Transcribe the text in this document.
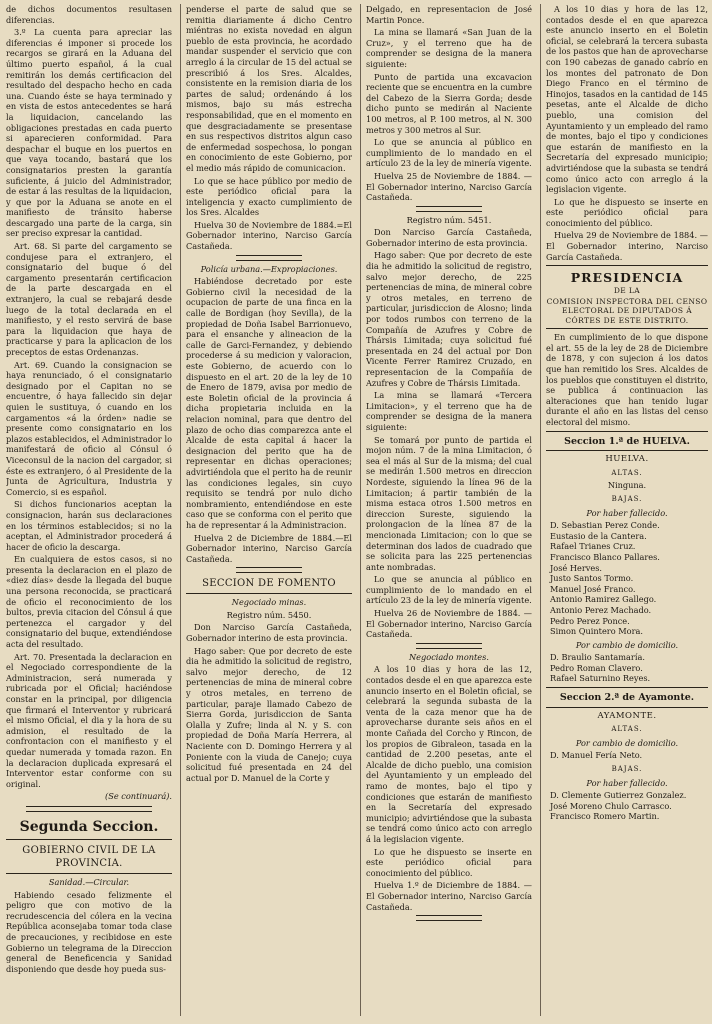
de dichos documentos resultasen diferencias.

3.º La cuenta para apreciar las diferencias é imponer si procede los recargos se girará en la Aduana del último puerto español, á la cual remitirán los demás certificacion del resultado del despacho hecho en cada una. Cuando éste se haya terminado y en vista de estos antecedentes se hará la liquidacion, cancelando las obligaciones prestadas en cada puerto si aparecieren conformidad. Para despachar el buque en los puertos en que vaya tocando, bastará que los consignatarios presten la garantía suficiente, á juicio del Administrador, de estar á las resultas de la liquidacion, y que por la Aduana se anote en el manifiesto de tránsito haberse descargado una parte de la carga, sin ser preciso expresar la cantidad.

Art. 68. Si parte del cargamento se condujese para el extranjero, el consignatario del buque ó del cargamento presentarán certificacion de la parte descargada en el extranjero, la cual se rebajará desde luego de la total declarada en el manifiesto, y el resto servirá de base para la liquidacion que haya de practicarse y para la aplicacion de los preceptos de estas Ordenanzas.

Art. 69. Cuando la consignacion se haya renunciado, ó el consignatario designado por el Capitan no se encuentre, ó haya fallecido sin dejar quien le sustituya, ó cuando en los cargamentos «á la órden» nadie se presente como consignatario en los plazos establecidos, el Administrador lo manifestará de oficio al Cónsul ó Viceconsul de la nacion del cargador, si éste es extranjero, ó al Presidente de la Junta de Agricultura, Industria y Comercio, si es español.

Si dichos funcionarios aceptan la consignacion, harán sus declaraciones en los términos establecidos; si no la aceptan, el Administrador procederá á hacer de oficio la descarga.

En cualquiera de estos casos, si no presenta la declaracion en el plazo de «diez días» desde la llegada del buque una persona reconocida, se practicará de oficio el reconocimiento de los bultos, previa citacion del Cónsul á que pertenezca el cargador y del consignatario del buque, extendiéndose acta del resultado.

Art. 70. Presentada la declaracion en el Negociado correspondiente de la Administracion, será numerada y rubricada por el Oficial; haciéndose constar en la principal, por diligencia que firmará el Interventor y rubricará el mismo Oficial, el dia y la hora de su admision, el resultado de la confrontacion con el manifiesto y el quedar numerada y tomada razon. En la declaracion duplicada expresará el Interventor estar conforme con su original.

(Se continuará).

Segunda Seccion.
GOBIERNO CIVIL DE LA PROVINCIA.

Sanidad.—Circular.

Habiendo cesado felizmente el peligro que con motivo de la recrudescencia del cólera en la vecina República aconsejaba tomar toda clase de precauciones, y recibidose en este Gobierno un telegrama de la Direccion general de Beneficencia y Sanidad disponiendo que desde hoy pueda sus-

penderse el parte de salud que se remitia diariamente á dicho Centro miéntras no exista novedad en algun pueblo de esta provincia, he acordado mandar suspender el servicio que con arreglo á la circular de 15 del actual se prescribió á los Sres. Alcaldes, consistente en la remision diaria de los partes de salud; ordenándo á los mismos, bajo su más estrecha responsabilidad, que en el momento en que desgraciadamente se presentase en sus respectivos distritos algun caso de enfermedad sospechosa, lo pongan en conocimiento de este Gobierno, por el medio más rápido de comunicacion.

Lo que se hace público por medio de este periódico oficial para la inteligencia y exacto cumplimiento de los Sres. Alcaldes

Huelva 30 de Noviembre de 1884.=El Gobernador interino, Narciso García Castañeda.

Policía urbana.—Expropiaciones.

Habiéndose decretado por este Gobierno civil la necesidad de la ocupacion de parte de una finca en la calle de Bordigan (hoy Sevilla), de la propiedad de Doña Isabel Barrionuevo, para el ensanche y alineacion de la calle de Garci-Fernandez, y debiendo procederse á su medicion y valoracion, este Gobierno, de acuerdo con lo dispuesto en el art. 20 de la ley de 10 de Enero de 1879, avisa por medio de este Boletin oficial de la provincia á dicha propietaria incluida en la relacion nominal, para que dentro del plazo de ocho dias comparezca ante el Alcalde de esta capital á hacer la designacion del perito que ha de representar en dichas operaciones; advirtiéndola que el perito ha de reunir las condiciones legales, sin cuyo requisito se tendrá por nulo dicho nombramiento, entendiéndose en este caso que se conforma con el perito que ha de representar á la Administracion.

Huelva 2 de Diciembre de 1884.—El Gobernador interino, Narciso García Castañeda.

SECCION DE FOMENTO

Negociado minas.

Registro núm. 5450.

Don Narciso García Castañeda, Gobernador interino de esta provincia.

Hago saber: Que por decreto de este dia he admitido la solicitud de registro, salvo mejor derecho, de 12 pertenencias de mina de mineral cobre y otros metales, en terreno de particular, paraje llamado Cabezo de Sierra Gorda, jurisdiccion de Santa Olalla y Zufre; linda al N. y S. con propiedad de Doña María Herrera, al Naciente con D. Domingo Herrera y al Poniente con la viuda de Canejo; cuya solicitud fué presentada en 24 del actual por D. Manuel de la Corte y

Delgado, en representacion de José Martin Ponce.

La mina se llamará «San Juan de la Cruz», y el terreno que ha de comprender se designa de la manera siguiente:

Punto de partida una excavacion reciente que se encuentra en la cumbre del Cabezo de la Sierra Gorda; desde dicho punto se medirán al Naciente 100 metros, al P. 100 metros, al N. 300 metros y 300 metros al Sur.

Lo que se anuncia al público en cumplimiento de lo mandado en el artículo 23 de la ley de minería vigente.

Huelva 25 de Noviembre de 1884. —El Gobernador interino, Narciso García Castañeda.

Registro núm. 5451.

Don Narciso García Castañeda, Gobernador interino de esta provincia.

Hago saber: Que por decreto de este dia he admitido la solicitud de registro, salvo mejor derecho, de 225 pertenencias de mina, de mineral cobre y otros metales, en terreno de particular, jurisdiccion de Alosno; linda por todos rumbos con terreno de la Compañía de Azufres y Cobre de Thársis Limitada; cuya solicitud fué presentada en 24 del actual por Don Vicente Ferrer Ramirez Cruzado, en representacion de la Compañía de Azufres y Cobre de Thársis Limitada.

La mina se llamará «Tercera Limitacion», y el terreno que ha de comprender se designa de la manera siguiente:

Se tomará por punto de partida el mojon núm. 7 de la mina Limitacion, ó sea el más al Sur de la misma; del cual se medirán 1.500 metros en direccion Nordeste, siguiendo la línea 96 de la Limitacion; á partir también de la misma estaca otros 1.500 metros en direccion Sureste, siguiendo la prolongacion de la línea 87 de la mencionada Limitacion; con lo que se determinan dos lados de cuadrado que se solicita para las 225 pertenencias ante nombradas.

Lo que se anuncia al público en cumplimiento de lo mandado en el artículo 23 de la ley de minería vigente.

Huelva 26 de Noviembre de 1884. —El Gobernador interino, Narciso García Castañeda.

Negociado montes.

A los 10 dias y hora de las 12, contados desde el en que aparezca este anuncio inserto en el Boletin oficial, se celebrará la segunda subasta de la venta de la caza menor que ha de aprovecharse durante seis años en el monte Cañada del Corcho y Rincon, de los propios de Gibraleon, tasada en la cantidad de 2.200 pesetas, ante el Alcalde de dicho pueblo, una comision del Ayuntamiento y un empleado del ramo de montes, bajo el tipo y condiciones que estarán de manifiesto en la Secretaría del expresado municipio; advirtiéndose que la subasta se tendrá como único acto con arreglo á la legislacion vigente.

Lo que he dispuesto se inserte en este periódico oficial para conocimiento del público.

Huelva 1.º de Diciembre de 1884. —El Gobernador interino, Narciso García Castañeda.

A los 10 dias y hora de las 12, contados desde el en que aparezca este anuncio inserto en el Boletin oficial, se celebrará la tercera subasta de los pastos que han de aprovecharse con 190 cabezas de ganado cabrío en los montes del patronato de Don Diego Franco en el término de Hinojos, tasados en la cantidad de 145 pesetas, ante el Alcalde de dicho pueblo, una comision del Ayuntamiento y un empleado del ramo de montes, bajo el tipo y condiciones que estarán de manifiesto en la Secretaría del expresado municipio; advirtiéndose que la subasta se tendrá como único acto con arreglo á la legislacion vigente.

Lo que he dispuesto se inserte en este periódico oficial para conocimiento del público.

Huelva 29 de Noviembre de 1884. —El Gobernador interino, Narciso García Castañeda.

PRESIDENCIA
DE LA
COMISION INSPECTORA DEL CENSO ELECTORAL DE DIPUTADOS Á CÓRTES DE ESTE DISTRITO.

En cumplimiento de lo que dispone el art. 55 de la ley de 28 de Diciembre de 1878, y con sujecion á los datos que han remitido los Sres. Alcaldes de los pueblos que constituyen el distrito, se publica á continuacion las alteraciones que han tenido lugar durante el año en las listas del censo electoral del mismo.

Seccion 1.ª de HUELVA.

HUELVA.

ALTAS.

Ninguna.

BAJAS.

Por haber fallecido.

D. Sebastian Perez Conde.

Eustasio de la Cantera.

Rafael Trianes Cruz.

Francisco Blanco Pallares.

José Herves.

Justo Santos Tormo.

Manuel José Franco.

Antonio Ramirez Gallego.

Antonio Perez Machado.

Pedro Perez Ponce.

Simon Quintero Mora.

Por cambio de domicilio.

D. Braulio Santamaría.

Pedro Roman Clavero.

Rafael Saturnino Reyes.

Seccion 2.ª de Ayamonte.

AYAMONTE.

ALTAS.

Por cambio de domicilio.

D. Manuel Fería Neto.

BAJAS.

Por haber fallecido.

D. Clemente Gutierrez Gonzalez.

José Moreno Chulo Carrasco.

Francisco Romero Martin.
